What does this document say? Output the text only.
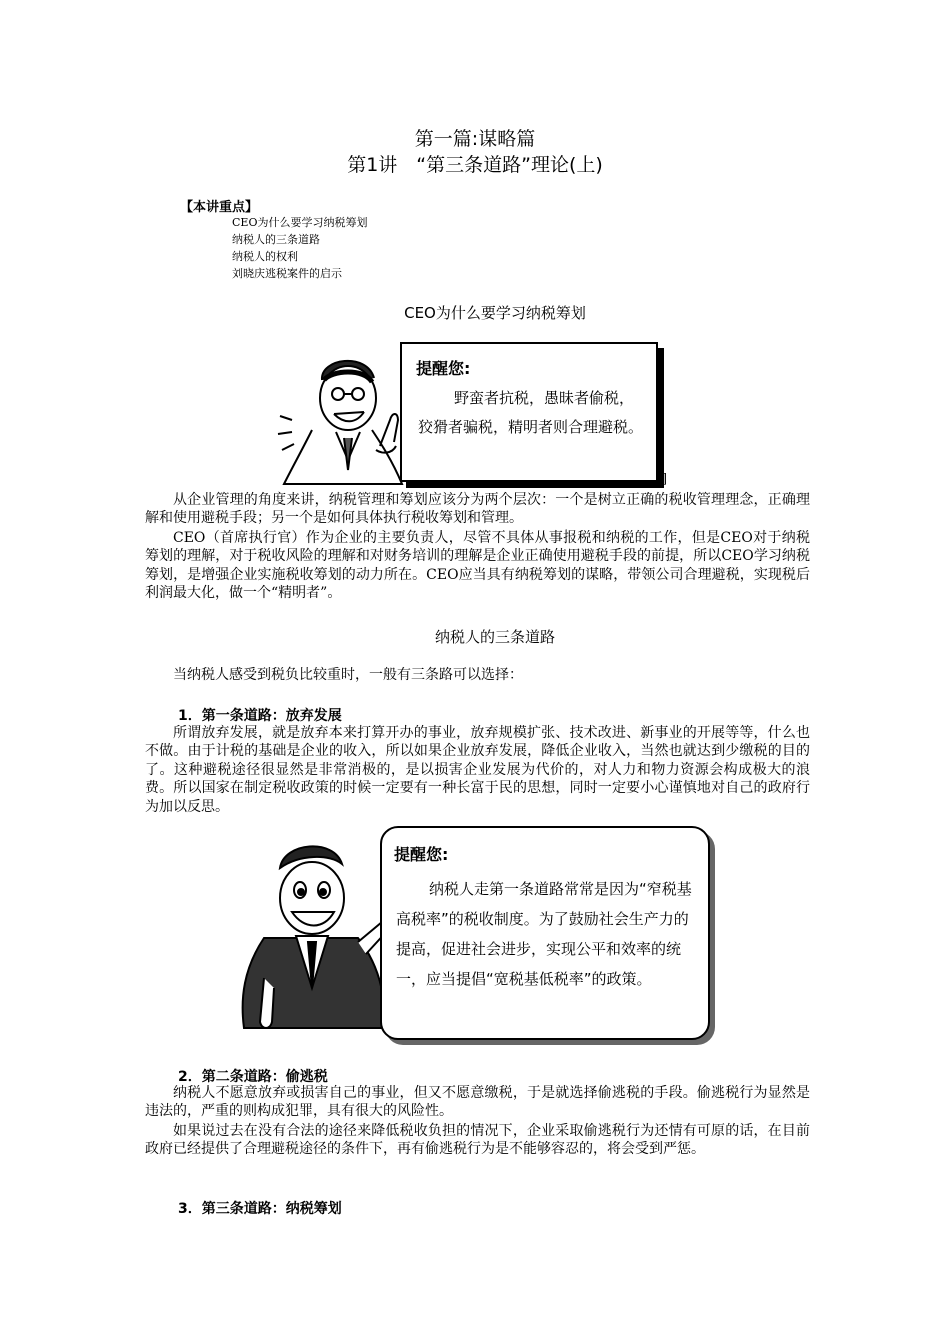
第一篇:谋略篇
第1讲　“第三条道路”理论(上)
【本讲重点】
CEO为什么要学习纳税筹划
纳税人的三条道路
纳税人的权利
刘晓庆逃税案件的启示
CEO为什么要学习纳税筹划
提醒您:
野蛮者抗税，愚昧者偷税，狡猾者骗税，精明者则合理避税。
]

从企业管理的角度来讲，纳税管理和筹划应该分为两个层次：一个是树立正确的税收管理理念，正确理解和使用避税手段；另一个是如何具体执行税收筹划和管理。

CEO（首席执行官）作为企业的主要负责人，尽管不具体从事报税和纳税的工作，但是CEO对于纳税筹划的理解，对于税收风险的理解和对财务培训的理解是企业正确使用避税手段的前提，所以CEO学习纳税筹划，是增强企业实施税收筹划的动力所在。CEO应当具有纳税筹划的谋略，带领公司合理避税，实现税后利润最大化，做一个“精明者”。

纳税人的三条道路

当纳税人感受到税负比较重时，一般有三条路可以选择：

1．第一条道路：放弃发展

所谓放弃发展，就是放弃本来打算开办的事业，放弃规模扩张、技术改进、新事业的开展等等，什么也不做。由于计税的基础是企业的收入，所以如果企业放弃发展，降低企业收入，当然也就达到少缴税的目的了。这种避税途径很显然是非常消极的，是以损害企业发展为代价的，对人力和物力资源会构成极大的浪费。所以国家在制定税收政策的时候一定要有一种长富于民的思想，同时一定要小心谨慎地对自己的政府行为加以反思。

提醒您:
纳税人走第一条道路常常是因为“窄税基高税率”的税收制度。为了鼓励社会生产力的提高，促进社会进步，实现公平和效率的统一，应当提倡“宽税基低税率”的政策。
2．第二条道路：偷逃税

纳税人不愿意放弃或损害自己的事业，但又不愿意缴税，于是就选择偷逃税的手段。偷逃税行为显然是违法的，严重的则构成犯罪，具有很大的风险性。

如果说过去在没有合法的途径来降低税收负担的情况下，企业采取偷逃税行为还情有可原的话，在目前政府已经提供了合理避税途径的条件下，再有偷逃税行为是不能够容忍的，将会受到严惩。

3．第三条道路：纳税筹划
